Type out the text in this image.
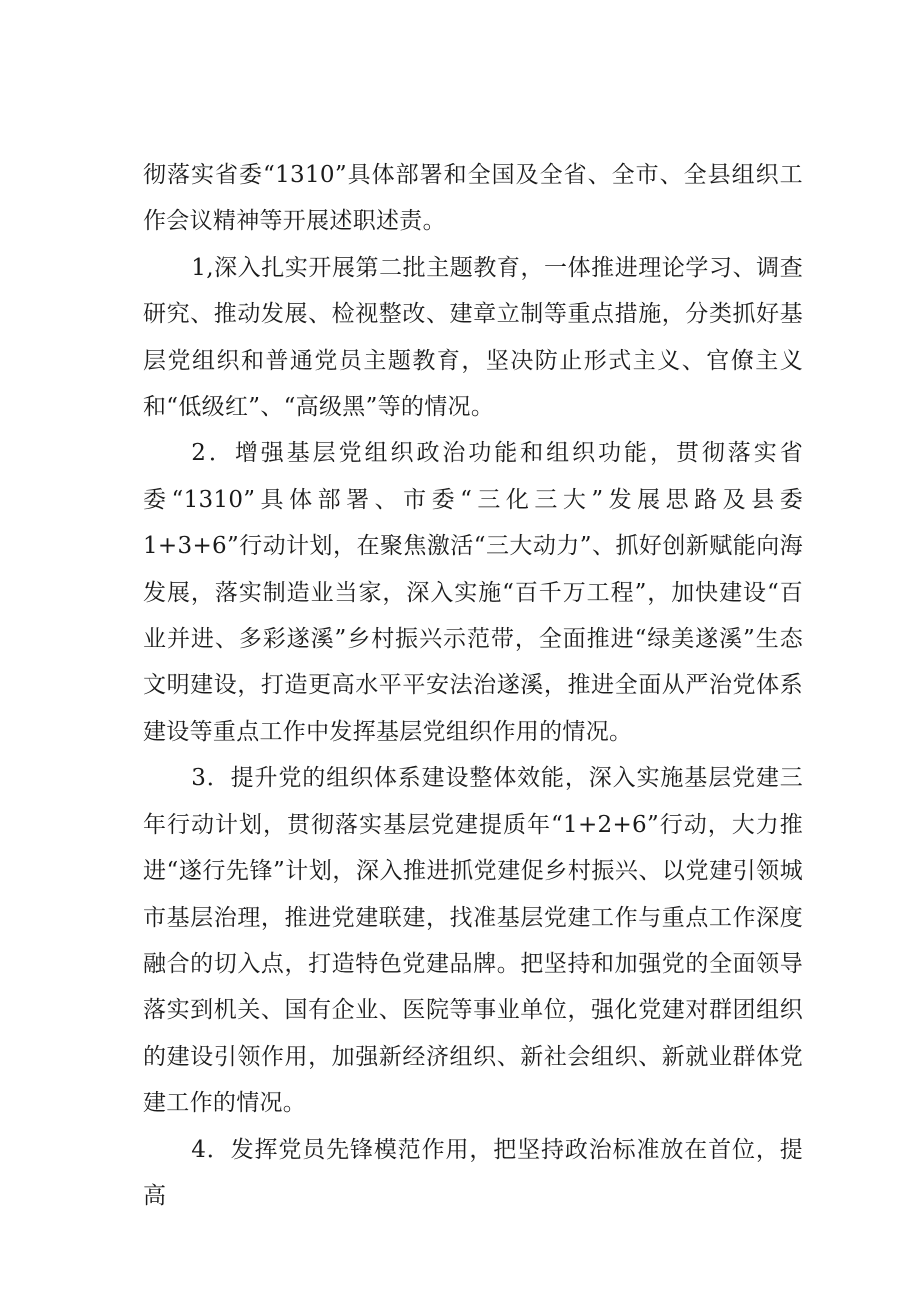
彻落实省委“1310”具体部署和全国及全省、全市、全县组织工作会议精神等开展述职述责。

1,深入扎实开展第二批主题教育，一体推进理论学习、调查研究、推动发展、检视整改、建章立制等重点措施，分类抓好基层党组织和普通党员主题教育，坚决防止形式主义、官僚主义和“低级红”、“高级黑”等的情况。

2．增强基层党组织政治功能和组织功能，贯彻落实省委“1310”具体部署、市委“三化三大”发展思路及县委1+3+6”行动计划，在聚焦激活“三大动力”、抓好创新赋能向海发展，落实制造业当家，深入实施“百千万工程”，加快建设“百业并进、多彩遂溪”乡村振兴示范带，全面推进“绿美遂溪”生态文明建设，打造更高水平平安法治遂溪，推进全面从严治党体系建设等重点工作中发挥基层党组织作用的情况。

3．提升党的组织体系建设整体效能，深入实施基层党建三年行动计划，贯彻落实基层党建提质年“1+2+6”行动，大力推进“遂行先锋”计划，深入推进抓党建促乡村振兴、以党建引领城市基层治理，推进党建联建，找准基层党建工作与重点工作深度融合的切入点，打造特色党建品牌。把坚持和加强党的全面领导落实到机关、国有企业、医院等事业单位，强化党建对群团组织的建设引领作用，加强新经济组织、新社会组织、新就业群体党建工作的情况。

4．发挥党员先锋模范作用，把坚持政治标准放在首位，提高
